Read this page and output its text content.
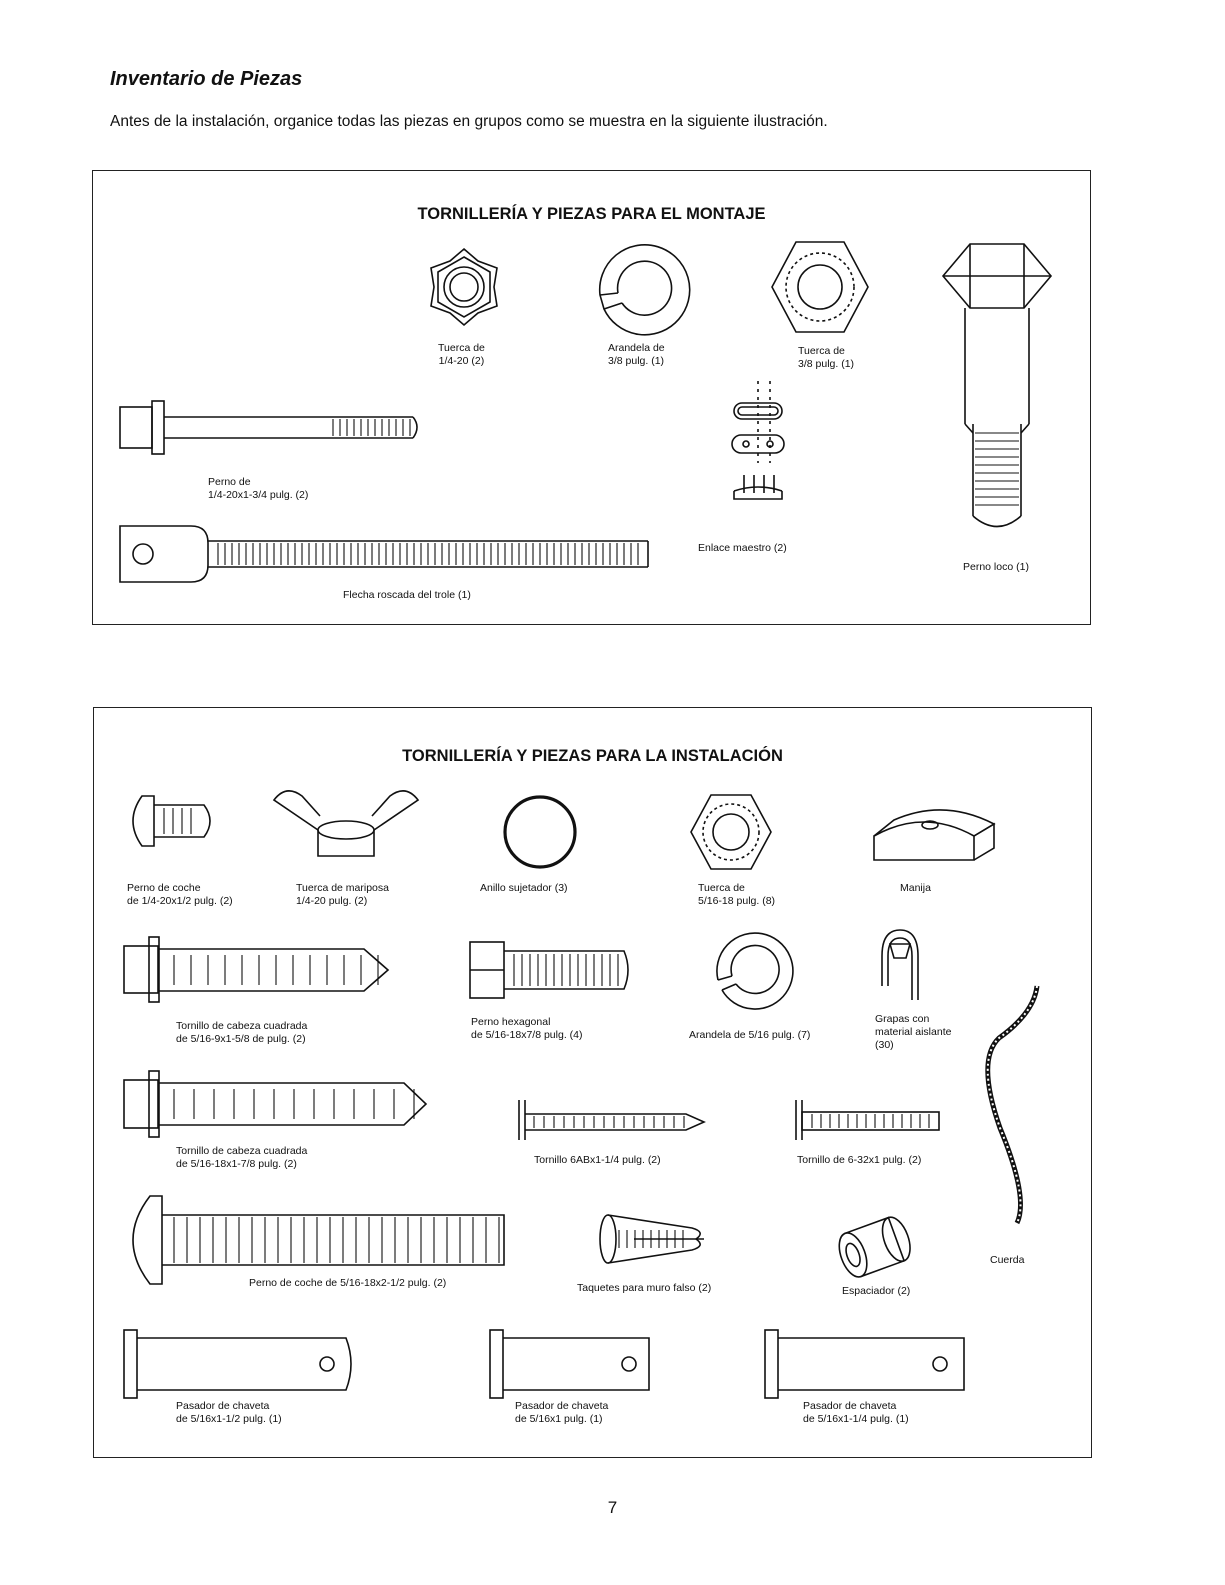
Inventario de Piezas
Antes de la instalación, organice todas las piezas en grupos como se muestra en la siguiente ilustración.
TORNILLERÍA Y PIEZAS PARA EL MONTAJE
Tuerca de
1/4-20 (2)
Arandela de
3/8 pulg. (1)
Tuerca de
3/8 pulg. (1)
Perno de
1/4-20x1-3/4 pulg. (2)
Enlace maestro (2)
Perno loco (1)
Flecha roscada del trole (1)
TORNILLERÍA Y PIEZAS PARA LA INSTALACIÓN
Perno de coche
de 1/4-20x1/2 pulg. (2)
Tuerca de mariposa
1/4-20 pulg. (2)
Anillo sujetador (3)	Tuerca de
5/16-18 pulg. (8)
Manija
Tornillo de cabeza cuadrada
de 5/16-9x1-5/8 de pulg. (2)
Perno hexagonal
de 5/16-18x7/8 pulg. (4)	Arandela de 5/16 pulg. (7)
Grapas con
material aislante
(30)
Tornillo de cabeza cuadrada
de 5/16-18x1-7/8 pulg. (2)	Tornillo 6ABx1-1/4 pulg. (2)	Tornillo de 6-32x1 pulg. (2)
Cuerda
Perno de coche de 5/16-18x2-1/2 pulg. (2)	Taquetes para muro falso (2)	Espaciador (2)
Pasador de chaveta
de 5/16x1-1/2 pulg. (1)
Pasador de chaveta
de 5/16x1 pulg. (1)
Pasador de chaveta
de 5/16x1-1/4 pulg. (1)
7
